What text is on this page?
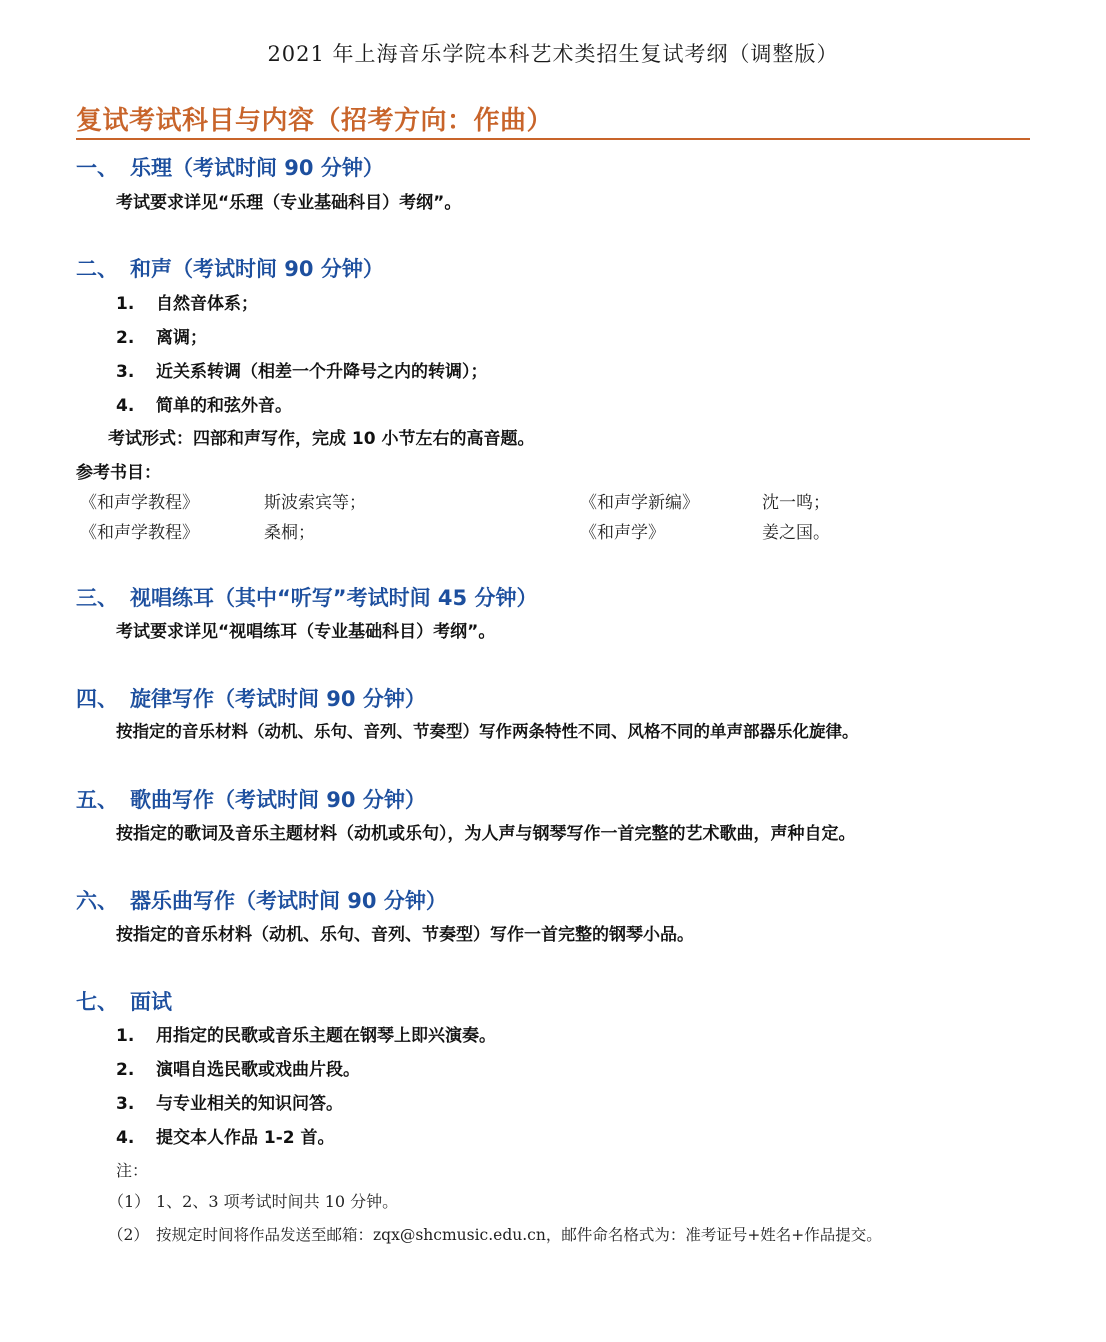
2021 年上海音乐学院本科艺术类招生复试考纲（调整版）
复试考试科目与内容（招考方向：作曲）
一、 乐理（考试时间 90 分钟）
考试要求详见“乐理（专业基础科目）考纲”。
二、 和声（考试时间 90 分钟）
1. 自然音体系；
2. 离调；
3. 近关系转调（相差一个升降号之内的转调）；
4. 简单的和弦外音。
考试形式：四部和声写作，完成 10 小节左右的高音题。
参考书目：
《和声学教程》	斯波索宾等；	《和声学新编》	沈一鸣；
《和声学教程》	桑桐；	《和声学》	姜之国。
三、 视唱练耳（其中“听写”考试时间 45 分钟）
考试要求详见“视唱练耳（专业基础科目）考纲”。
四、 旋律写作（考试时间 90 分钟）
按指定的音乐材料（动机、乐句、音列、节奏型）写作两条特性不同、风格不同的单声部器乐化旋律。
五、 歌曲写作（考试时间 90 分钟）
按指定的歌词及音乐主题材料（动机或乐句），为人声与钢琴写作一首完整的艺术歌曲，声种自定。
六、 器乐曲写作（考试时间 90 分钟）
按指定的音乐材料（动机、乐句、音列、节奏型）写作一首完整的钢琴小品。
七、 面试
1. 用指定的民歌或音乐主题在钢琴上即兴演奏。
2. 演唱自选民歌或戏曲片段。
3. 与专业相关的知识问答。
4. 提交本人作品 1-2 首。
注：
（1） 1、2、3 项考试时间共 10 分钟。
（2） 按规定时间将作品发送至邮箱：zqx@shcmusic.edu.cn，邮件命名格式为：准考证号+姓名+作品提交。
